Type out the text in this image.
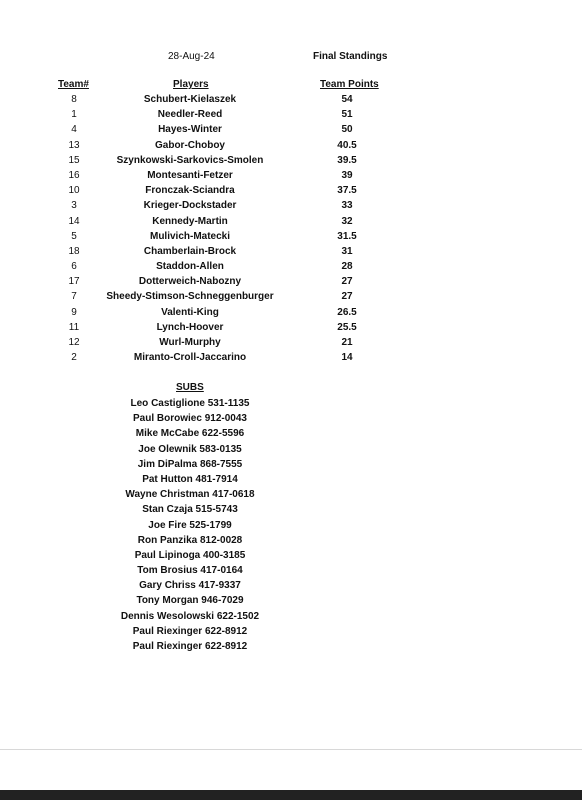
28-Aug-24	Final Standings
Team#	Players	Team Points
8	Schubert-Kielaszek	54
1	Needler-Reed	51
4	Hayes-Winter	50
13	Gabor-Choboy	40.5
15	Szynkowski-Sarkovics-Smolen	39.5
16	Montesanti-Fetzer	39
10	Fronczak-Sciandra	37.5
3	Krieger-Dockstader	33
14	Kennedy-Martin	32
5	Mulivich-Matecki	31.5
18	Chamberlain-Brock	31
6	Staddon-Allen	28
17	Dotterweich-Nabozny	27
7	Sheedy-Stimson-Schneggenburger	27
9	Valenti-King	26.5
11	Lynch-Hoover	25.5
12	Wurl-Murphy	21
2	Miranto-Croll-Jaccarino	14
SUBS
Leo Castiglione 531-1135
Paul Borowiec 912-0043
Mike McCabe 622-5596
Joe Olewnik 583-0135
Jim DiPalma 868-7555
Pat Hutton 481-7914
Wayne Christman 417-0618
Stan Czaja 515-5743
Joe Fire 525-1799
Ron Panzika 812-0028
Paul Lipinoga 400-3185
Tom Brosius 417-0164
Gary Chriss 417-9337
Tony Morgan 946-7029
Dennis Wesolowski 622-1502
Paul Riexinger 622-8912
Paul Riexinger 622-8912
